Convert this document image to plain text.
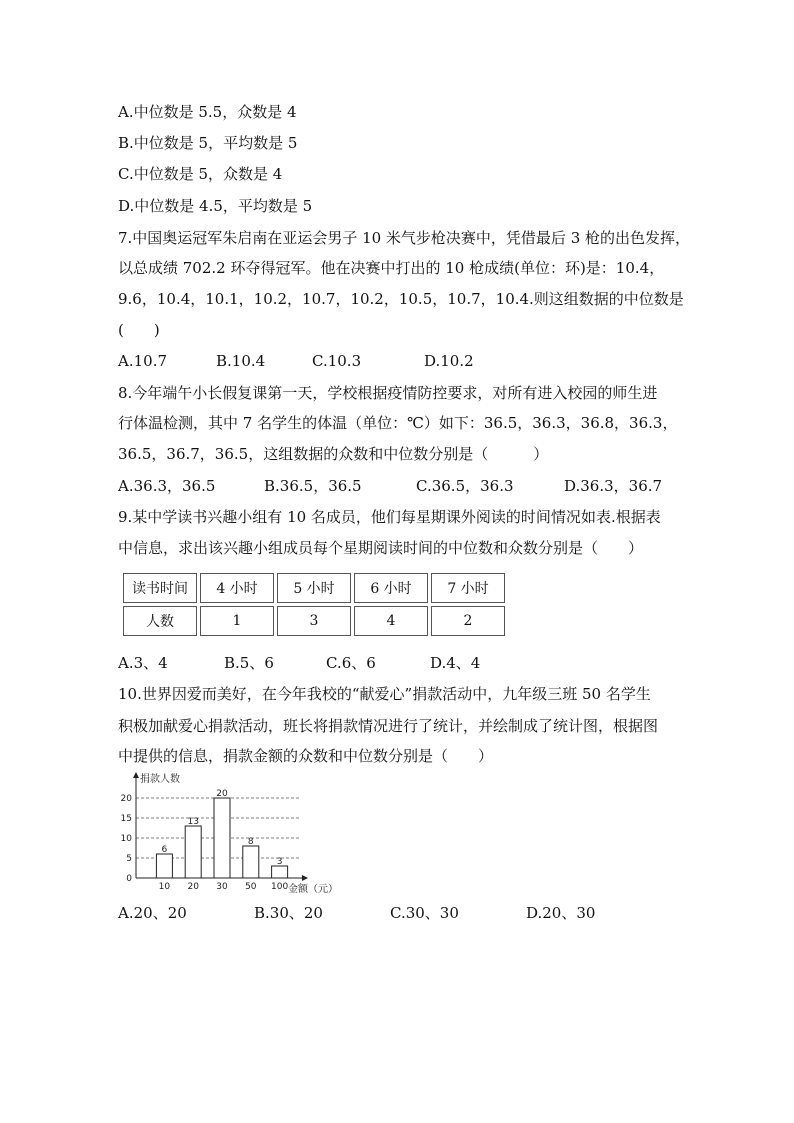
A.中位数是 5.5，众数是 4
B.中位数是 5，平均数是 5
C.中位数是 5，众数是 4
D.中位数是 4.5，平均数是 5
7.中国奥运冠军朱启南在亚运会男子 10 米气步枪决赛中，凭借最后 3 枪的出色发挥，
以总成绩 702.2 环夺得冠军。他在决赛中打出的 10 枪成绩(单位：环)是：10.4，
9.6，10.4，10.1，10.2，10.7，10.2，10.5，10.7，10.4.则这组数据的中位数是
(　　)
A.10.7	B.10.4	C.10.3	D.10.2
8.今年端午小长假复课第一天，学校根据疫情防控要求，对所有进入校园的师生进
行体温检测，其中 7 名学生的体温（单位：℃）如下：36.5，36.3，36.8，36.3，
36.5，36.7，36.5，这组数据的众数和中位数分别是（　　　）
A.36.3，36.5	B.36.5，36.5	C.36.5，36.3	D.36.3，36.7
9.某中学读书兴趣小组有 10 名成员，他们每星期课外阅读的时间情况如表.根据表
中信息，求出该兴趣小组成员每个星期阅读时间的中位数和众数分别是（　　）
读书时间	4 小时	5 小时	6 小时	7 小时
人数	1	3	4	2
A.3、4	B.5、6	C.6、6	D.4、4
10.世界因爱而美好，在今年我校的“献爱心”捐款活动中，九年级三班 50 名学生
积极加献爱心捐款活动，班长将捐款情况进行了统计，并绘制成了统计图，根据图
中提供的信息，捐款金额的众数和中位数分别是（　　）
捐款人数
金额（元）
0
5
10
15
20
6
10
13
20
20
30
8
50
3
100
A.20、20	B.30、20	C.30、30	D.20、30
